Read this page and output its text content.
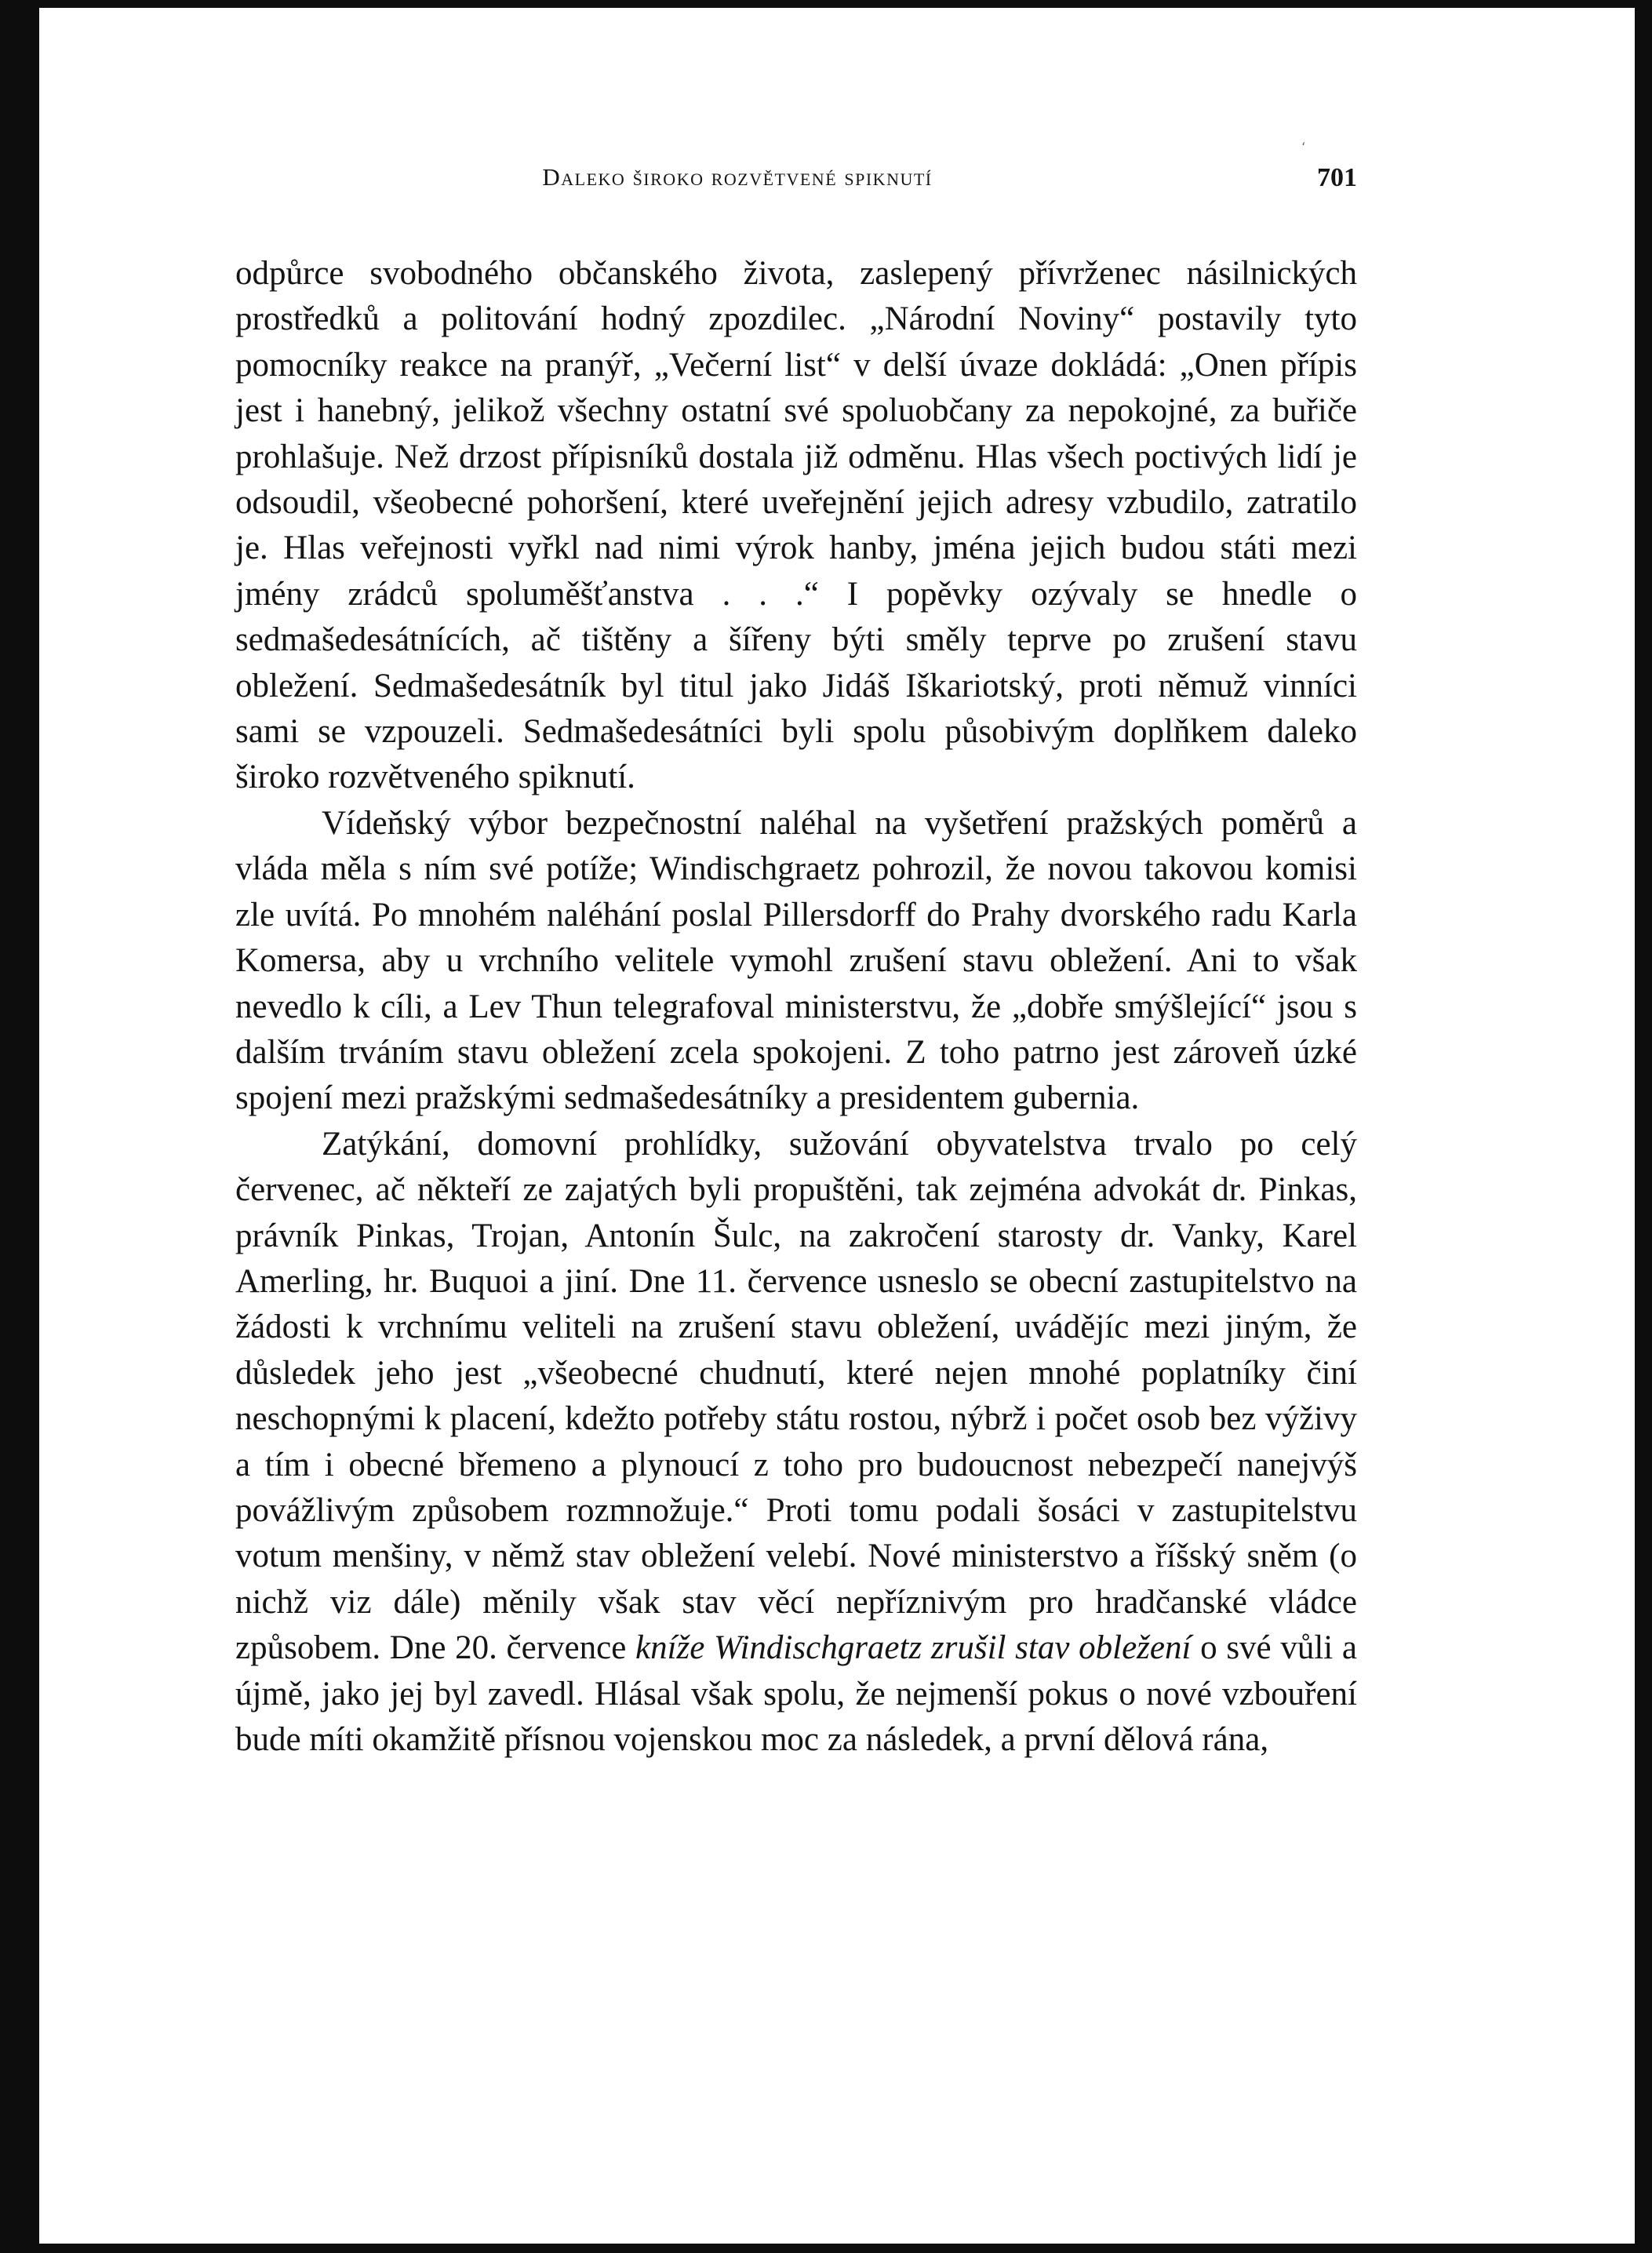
‘
Daleko široko rozvětvené spiknutí	701

odpůrce svobodného občanského života, zaslepený přívrženec násilnických prostředků a politování hodný zpozdilec. „Národní Noviny“ postavily tyto pomocníky reakce na pranýř, „Večerní list“ v delší úvaze dokládá: „Onen přípis jest i hanebný, jelikož všechny ostatní své spoluobčany za nepokojné, za buřiče prohlašuje. Než drzost přípisníků dostala již odměnu. Hlas všech poctivých lidí je odsoudil, všeobecné pohoršení, které uveřejnění jejich adresy vzbudilo, zatratilo je. Hlas veřejnosti vyřkl nad nimi výrok hanby, jména jejich budou státi mezi jmény zrádců spoluměšťanstva . . .“ I popěvky ozývaly se hnedle o sedmašedesátnících, ač tištěny a šířeny býti směly teprve po zrušení stavu obležení. Sedmašedesátník byl titul jako Jidáš Iškariotský, proti němuž vinníci sami se vzpouzeli. Sedmašedesátníci byli spolu působivým doplňkem daleko široko rozvětveného spiknutí.

Vídeňský výbor bezpečnostní naléhal na vyšetření pražských poměrů a vláda měla s ním své potíže; Windischgraetz pohrozil, že novou takovou komisi zle uvítá. Po mnohém naléhání poslal Pillersdorff do Prahy dvorského radu Karla Komersa, aby u vrchního velitele vymohl zrušení stavu obležení. Ani to však nevedlo k cíli, a Lev Thun telegrafoval ministerstvu, že „dobře smýšlející“ jsou s dalším trváním stavu obležení zcela spokojeni. Z toho patrno jest zároveň úzké spojení mezi pražskými sedmašedesátníky a presidentem gubernia.

Zatýkání, domovní prohlídky, sužování obyvatelstva trvalo po celý červenec, ač někteří ze zajatých byli propuštěni, tak zejména advokát dr. Pinkas, právník Pinkas, Trojan, Antonín Šulc, na zakročení starosty dr. Vanky, Karel Amerling, hr. Buquoi a jiní. Dne 11. července usneslo se obecní zastupitelstvo na žádosti k vrchnímu veliteli na zrušení stavu obležení, uvádějíc mezi jiným, že důsledek jeho jest „všeobecné chudnutí, které nejen mnohé poplatníky činí neschopnými k placení, kdežto potřeby státu rostou, nýbrž i počet osob bez výživy a tím i obecné břemeno a plynoucí z toho pro budoucnost nebezpečí nanejvýš povážlivým způsobem rozmnožuje.“ Proti tomu podali šosáci v zastupitelstvu votum menšiny, v němž stav obležení velebí. Nové ministerstvo a říšský sněm (o nichž viz dále) měnily však stav věcí nepříznivým pro hradčanské vládce způsobem. Dne 20. července kníže Windischgraetz zrušil stav obležení o své vůli a újmě, jako jej byl zavedl. Hlásal však spolu, že nejmenší pokus o nové vzbouření bude míti okamžitě přísnou vojenskou moc za následek, a první dělová rána,
